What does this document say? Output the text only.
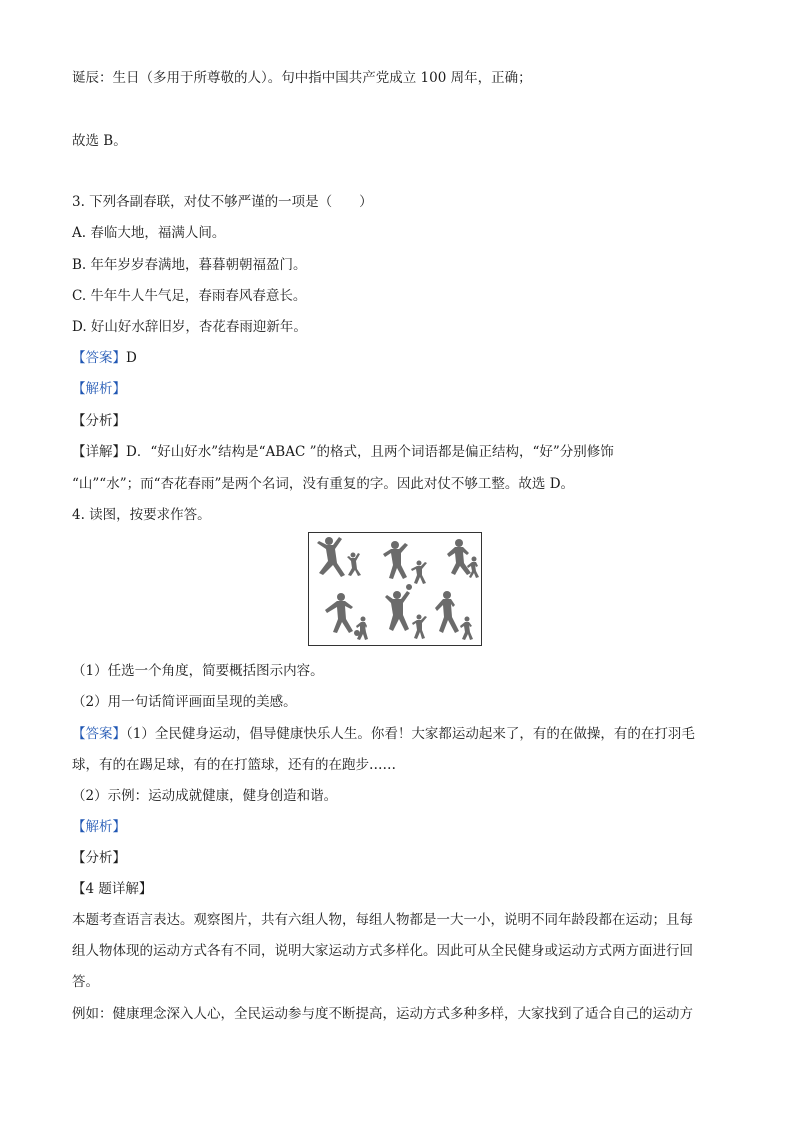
诞辰：生日（多用于所尊敬的人）。句中指中国共产党成立 100 周年，正确；
故选 B。
3. 下列各副春联，对仗不够严谨的一项是（　　）
A. 春临大地，福满人间。
B. 年年岁岁春满地，暮暮朝朝福盈门。
C. 牛年牛人牛气足，春雨春风春意长。
D. 好山好水辞旧岁，杏花春雨迎新年。
【答案】D
【解析】
【分析】
【详解】D．“好山好水”结构是“ABAC ”的格式，且两个词语都是偏正结构，“好”分别修饰
“山”“水”；而“杏花春雨”是两个名词，没有重复的字。因此对仗不够工整。故选 D。
4. 读图，按要求作答。
（1）任选一个角度，简要概括图示内容。
（2）用一句话简评画面呈现的美感。
【答案】（1）全民健身运动，倡导健康快乐人生。你看！大家都运动起来了，有的在做操，有的在打羽毛
球，有的在踢足球，有的在打篮球，还有的在跑步……
（2）示例：运动成就健康，健身创造和谐。
【解析】
【分析】
【4 题详解】
本题考查语言表达。观察图片，共有六组人物，每组人物都是一大一小，说明不同年龄段都在运动；且每
组人物体现的运动方式各有不同，说明大家运动方式多样化。因此可从全民健身或运动方式两方面进行回
答。
例如：健康理念深入人心，全民运动参与度不断提高，运动方式多种多样，大家找到了适合自己的运动方
